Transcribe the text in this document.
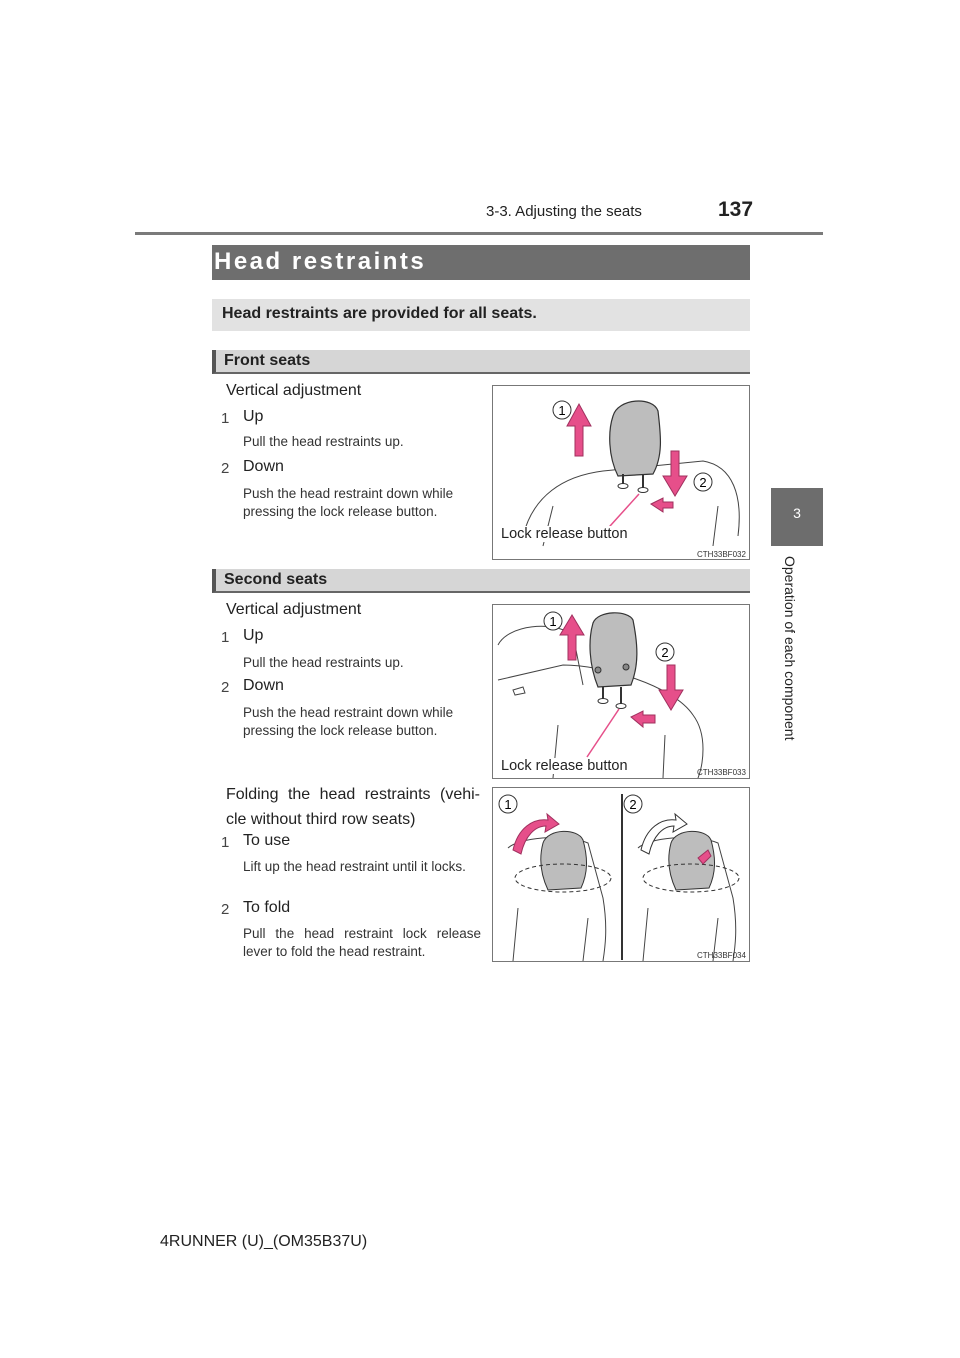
3-3. Adjusting the seats	137
3
Operation of each component
Head restraints
Head restraints are provided for all seats.
Front seats
Vertical adjustment
1 Up
Pull the head restraints up.
2 Down
Push the head restraint down while pressing the lock release button.
1
2
Lock release button
CTH33BF032
Second seats
Vertical adjustment
1 Up
Pull the head restraints up.
2 Down
Push the head restraint down while pressing the lock release button.
1
2
Lock release button	CTH33BF033
Folding the head restraints (vehi-cle without third row seats)
1 To use
Lift up the head restraint until it locks.
2 To fold
Pull the head restraint lock release lever to fold the head restraint.
1	2
CTH33BF034
4RUNNER (U)_(OM35B37U)
